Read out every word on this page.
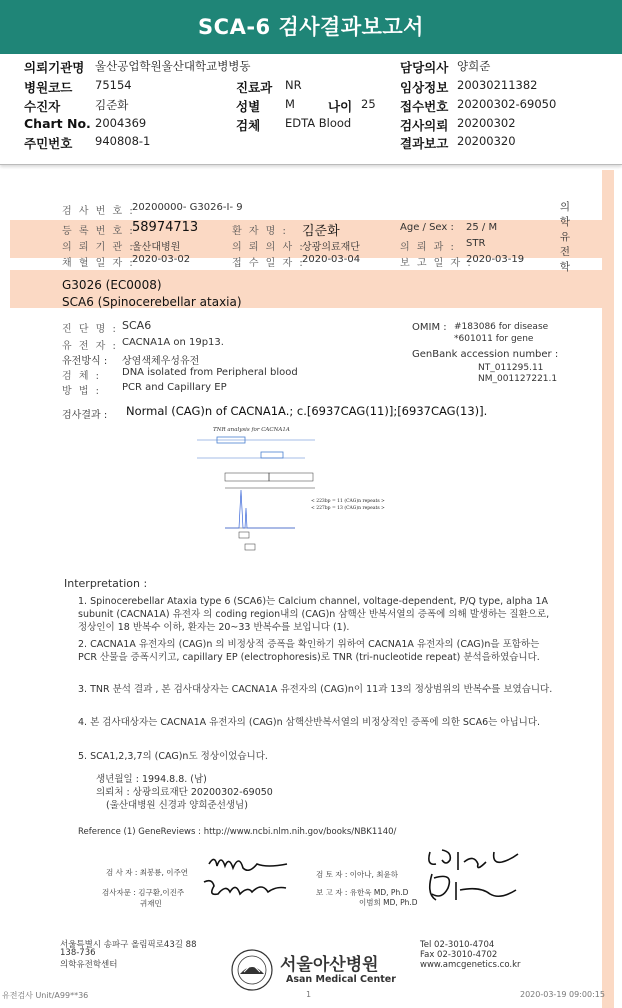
SCA-6 검사결과보고서
의뢰기관명 울산공업학원울산대학교병병동	담당의사 양희준
병원코드 75154	진료과 NR	임상정보 20030211382
수진자	김준화	성별 M	나이 25 접수번호 20200302-69050
Chart No. 2004369	검체 EDTA Blood	검사의뢰 20200302
주민번호 940808-1	결과보고 20200320
검 사 번 호 :
20200000- G3026-I- 9
등 록 번 호 :
58974713	환 자 명 : 김준화	Age / Sex : 25 / M
의 뢰 기 관 :
울산대병원	의 뢰 의 사 :
상광의료재단	의 뢰 과 : STR
채 혈 일 자 :
2020-03-02	접 수 일 자 :
2020-03-04	보 고 일 자 :
2020-03-19
의학유전학
G3026 (EC0008)
SCA6 (Spinocerebellar ataxia)
진 단 명 : SCA6
유 전 자 : CACNA1A on 19p13.
유전방식 : 상염색체우성유전
검 체 : DNA isolated from Peripheral blood
방 법 : PCR and Capillary EP
OMIM : #183086 for disease
*601011 for gene
GenBank accession number :
NT_011295.11
NM_001127221.1
검사결과 : Normal (CAG)n of CACNA1A.; c.[6937CAG(11)];[6937CAG(13)].
TNR analysis for CACNA1A
< 223bp = 11 (CAG)n repeats >
< 227bp = 13 (CAG)n repeats >
Interpretation :
1. Spinocerebellar Ataxia type 6 (SCA6)는 Calcium channel, voltage-dependent, P/Q type, alpha 1A subunit (CACNA1A) 유전자 의 coding region내의 (CAG)n 삼핵산 반복서열의 증폭에 의해 발생하는 질환으로, 정상인이 18 반복수 이하, 환자는 20~33 반복수를 보입니다 (1).
2. CACNA1A 유전자의 (CAG)n 의 비정상적 증폭을 확인하기 위하여 CACNA1A 유전자의 (CAG)n을 포함하는 PCR 산물을 증폭시키고, capillary EP (electrophoresis)로 TNR (tri-nucleotide repeat) 분석을하였습니다.
3. TNR 분석 결과 , 본 검사대상자는 CACNA1A 유전자의 (CAG)n이 11과 13의 정상범위의 반복수를 보였습니다.
4. 본 검사대상자는 CACNA1A 유전자의 (CAG)n 삼핵산반복서열의 비정상적인 증폭에 의한 SCA6는 아닙니다.
5. SCA1,2,3,7의 (CAG)n도 정상이었습니다.
생년월일 : 1994.8.8. (남)
의뢰처 : 상광의료재단 20200302-69050
(울산대병원 신경과 양희준선생님)
Reference (1) GeneReviews : http://www.ncbi.nlm.nih.gov/books/NBK1140/
검 사 자 : 최봉룡, 이주연
검사자문 : 김구환,이진주
귀재민
검 토 자 : 이아나, 최윤하
보 고 자 : 유한욱 MD, Ph.D
이범희 MD, Ph.D
서울특별시 송파구 올림픽로43길 88
138-736
의학유전학센터	서울아산병원
Asan Medical Center
Tel 02-3010-4704
Fax 02-3010-4702
www.amcgenetics.co.kr
유전검사 Unit/A99**36	1	2020-03-19 09:00:15
